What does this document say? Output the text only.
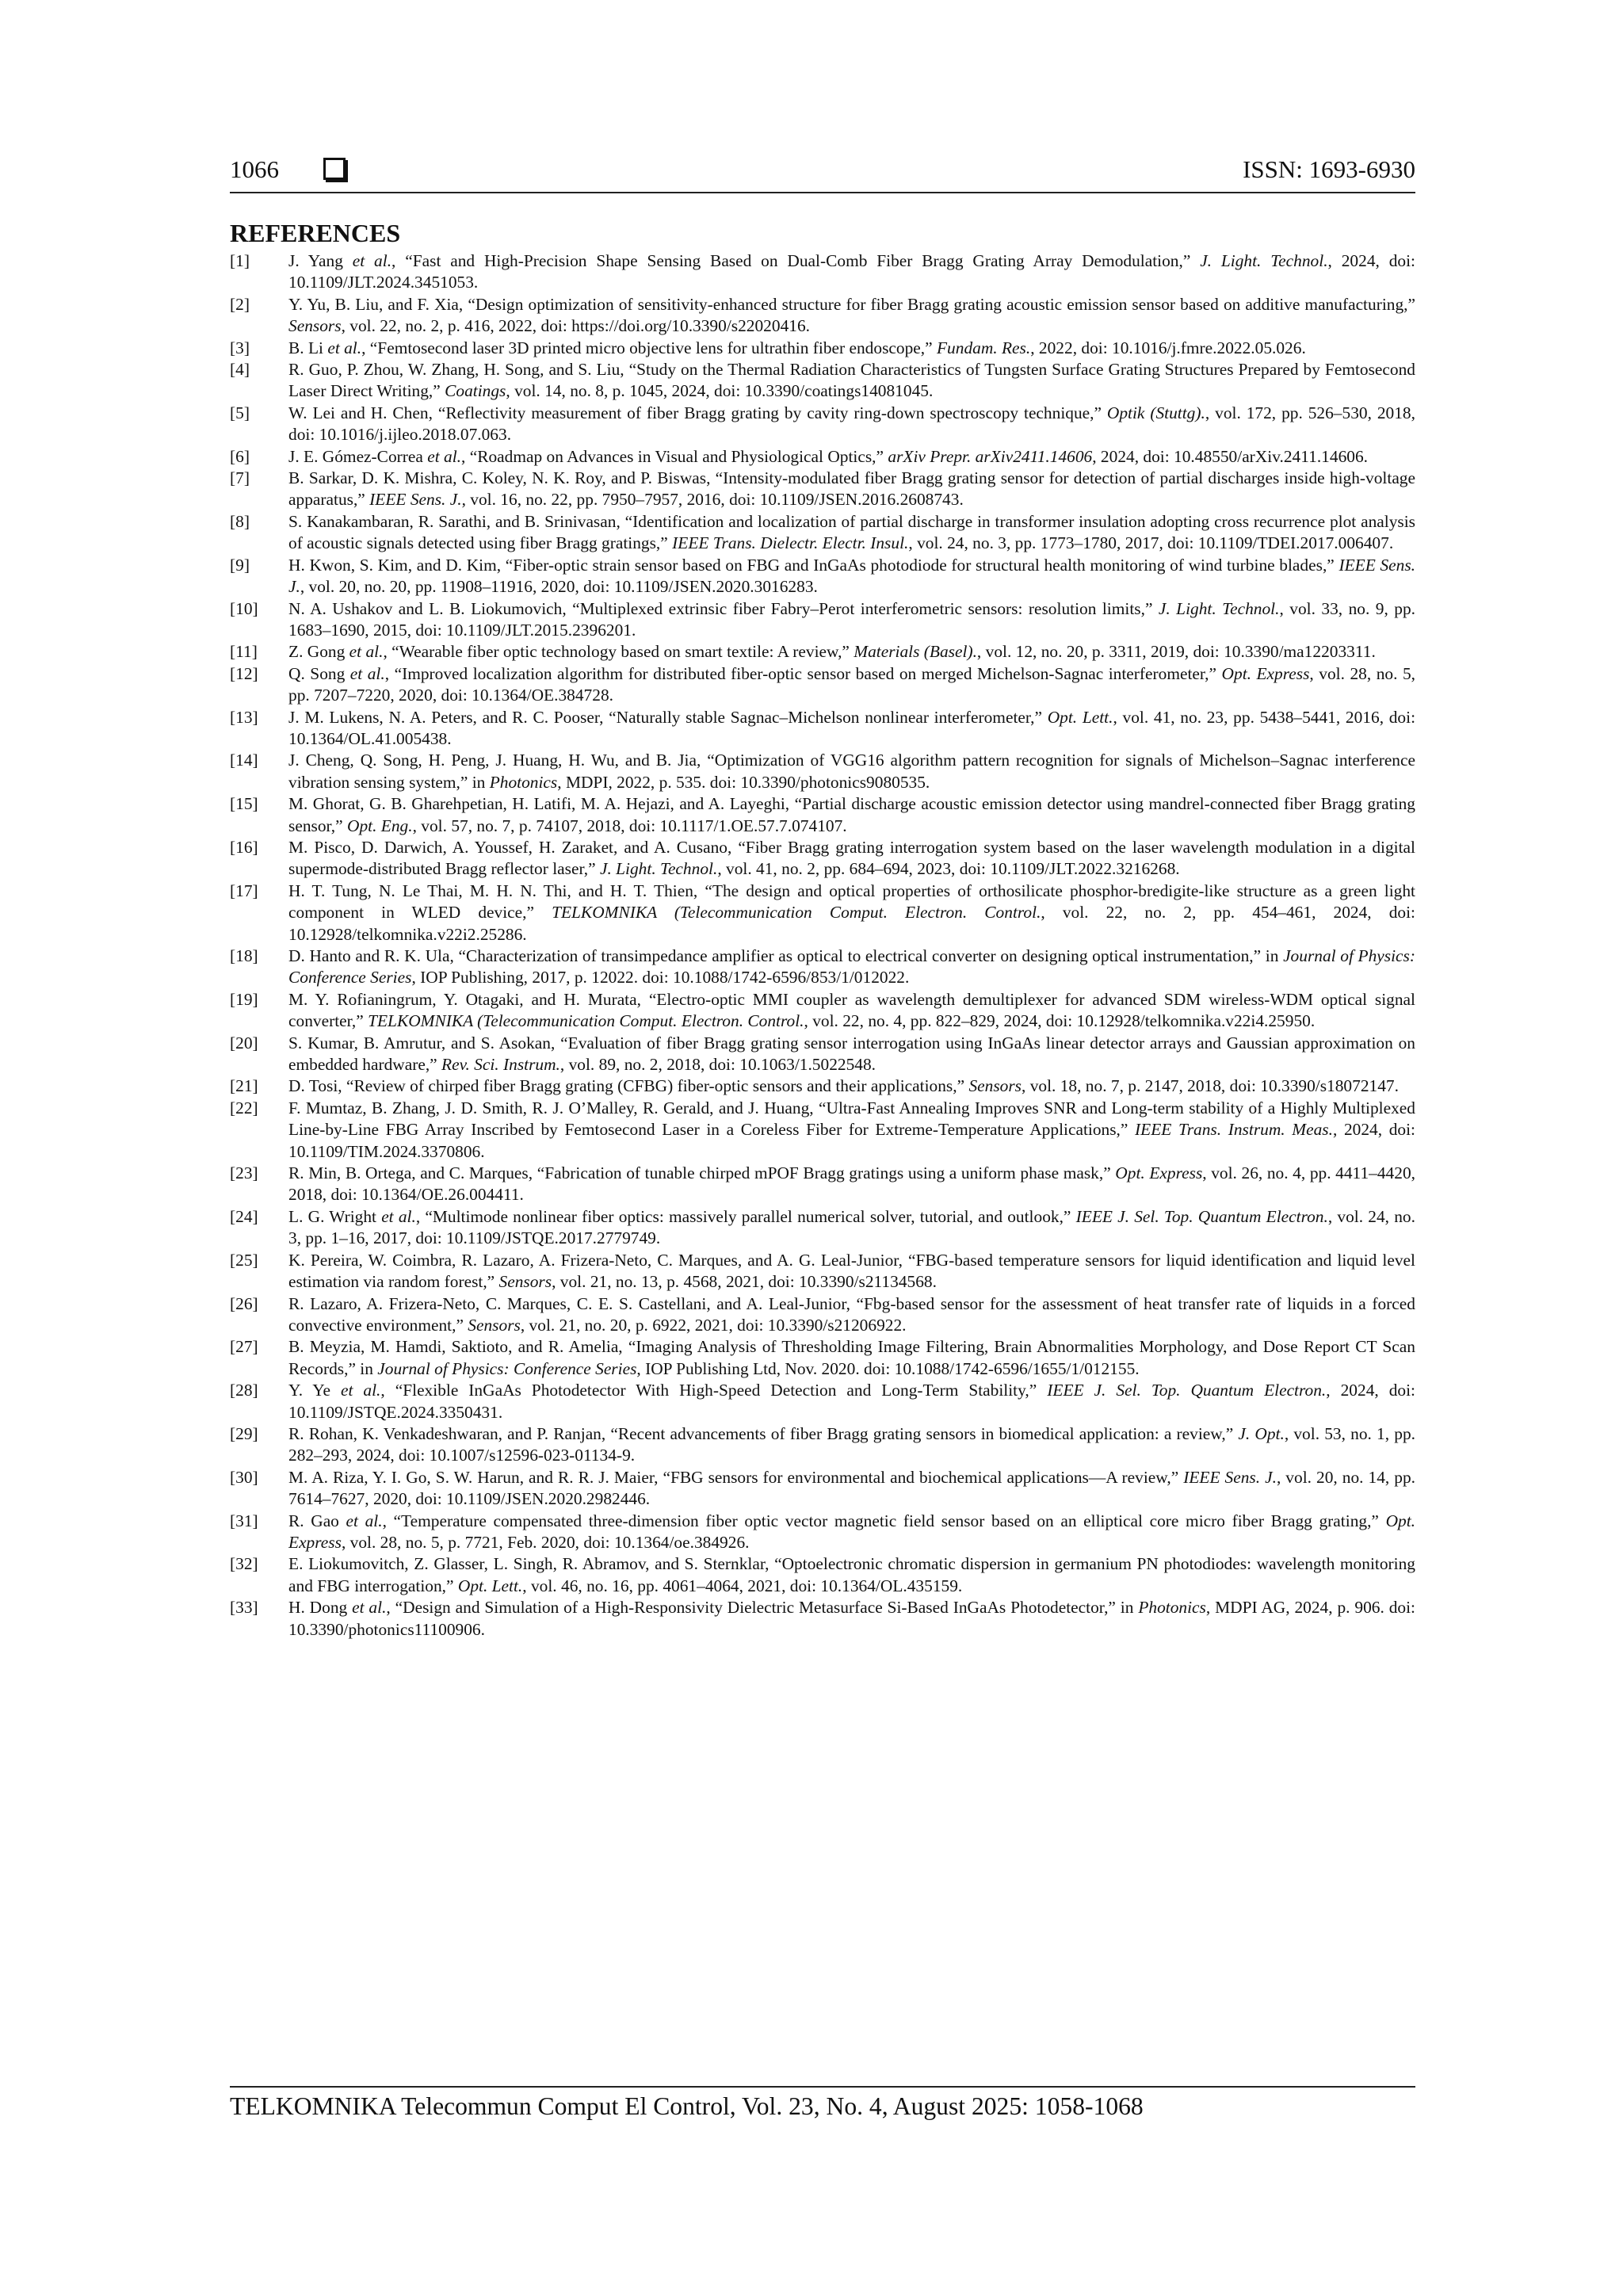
1066	ISSN: 1693-6930
REFERENCES
[1] J. Yang et al., “Fast and High-Precision Shape Sensing Based on Dual-Comb Fiber Bragg Grating Array Demodulation,” J. Light. Technol., 2024, doi: 10.1109/JLT.2024.3451053.
[2] Y. Yu, B. Liu, and F. Xia, “Design optimization of sensitivity-enhanced structure for fiber Bragg grating acoustic emission sensor based on additive manufacturing,” Sensors, vol. 22, no. 2, p. 416, 2022, doi: https://doi.org/10.3390/s22020416.
[3] B. Li et al., “Femtosecond laser 3D printed micro objective lens for ultrathin fiber endoscope,” Fundam. Res., 2022, doi: 10.1016/j.fmre.2022.05.026.
[4] R. Guo, P. Zhou, W. Zhang, H. Song, and S. Liu, “Study on the Thermal Radiation Characteristics of Tungsten Surface Grating Structures Prepared by Femtosecond Laser Direct Writing,” Coatings, vol. 14, no. 8, p. 1045, 2024, doi: 10.3390/coatings14081045.
[5] W. Lei and H. Chen, “Reflectivity measurement of fiber Bragg grating by cavity ring-down spectroscopy technique,” Optik (Stuttg)., vol. 172, pp. 526–530, 2018, doi: 10.1016/j.ijleo.2018.07.063.
[6] J. E. Gómez-Correa et al., “Roadmap on Advances in Visual and Physiological Optics,” arXiv Prepr. arXiv2411.14606, 2024, doi: 10.48550/arXiv.2411.14606.
[7] B. Sarkar, D. K. Mishra, C. Koley, N. K. Roy, and P. Biswas, “Intensity-modulated fiber Bragg grating sensor for detection of partial discharges inside high-voltage apparatus,” IEEE Sens. J., vol. 16, no. 22, pp. 7950–7957, 2016, doi: 10.1109/JSEN.2016.2608743.
[8] S. Kanakambaran, R. Sarathi, and B. Srinivasan, “Identification and localization of partial discharge in transformer insulation adopting cross recurrence plot analysis of acoustic signals detected using fiber Bragg gratings,” IEEE Trans. Dielectr. Electr. Insul., vol. 24, no. 3, pp. 1773–1780, 2017, doi: 10.1109/TDEI.2017.006407.
[9] H. Kwon, S. Kim, and D. Kim, “Fiber-optic strain sensor based on FBG and InGaAs photodiode for structural health monitoring of wind turbine blades,” IEEE Sens. J., vol. 20, no. 20, pp. 11908–11916, 2020, doi: 10.1109/JSEN.2020.3016283.
[10] N. A. Ushakov and L. B. Liokumovich, “Multiplexed extrinsic fiber Fabry–Perot interferometric sensors: resolution limits,” J. Light. Technol., vol. 33, no. 9, pp. 1683–1690, 2015, doi: 10.1109/JLT.2015.2396201.
[11] Z. Gong et al., “Wearable fiber optic technology based on smart textile: A review,” Materials (Basel)., vol. 12, no. 20, p. 3311, 2019, doi: 10.3390/ma12203311.
[12] Q. Song et al., “Improved localization algorithm for distributed fiber-optic sensor based on merged Michelson-Sagnac interferometer,” Opt. Express, vol. 28, no. 5, pp. 7207–7220, 2020, doi: 10.1364/OE.384728.
[13] J. M. Lukens, N. A. Peters, and R. C. Pooser, “Naturally stable Sagnac–Michelson nonlinear interferometer,” Opt. Lett., vol. 41, no. 23, pp. 5438–5441, 2016, doi: 10.1364/OL.41.005438.
[14] J. Cheng, Q. Song, H. Peng, J. Huang, H. Wu, and B. Jia, “Optimization of VGG16 algorithm pattern recognition for signals of Michelson–Sagnac interference vibration sensing system,” in Photonics, MDPI, 2022, p. 535. doi: 10.3390/photonics9080535.
[15] M. Ghorat, G. B. Gharehpetian, H. Latifi, M. A. Hejazi, and A. Layeghi, “Partial discharge acoustic emission detector using mandrel-connected fiber Bragg grating sensor,” Opt. Eng., vol. 57, no. 7, p. 74107, 2018, doi: 10.1117/1.OE.57.7.074107.
[16] M. Pisco, D. Darwich, A. Youssef, H. Zaraket, and A. Cusano, “Fiber Bragg grating interrogation system based on the laser wavelength modulation in a digital supermode-distributed Bragg reflector laser,” J. Light. Technol., vol. 41, no. 2, pp. 684–694, 2023, doi: 10.1109/JLT.2022.3216268.
[17] H. T. Tung, N. Le Thai, M. H. N. Thi, and H. T. Thien, “The design and optical properties of orthosilicate phosphor-bredigite-like structure as a green light component in WLED device,” TELKOMNIKA (Telecommunication Comput. Electron. Control., vol. 22, no. 2, pp. 454–461, 2024, doi: 10.12928/telkomnika.v22i2.25286.
[18] D. Hanto and R. K. Ula, “Characterization of transimpedance amplifier as optical to electrical converter on designing optical instrumentation,” in Journal of Physics: Conference Series, IOP Publishing, 2017, p. 12022. doi: 10.1088/1742-6596/853/1/012022.
[19] M. Y. Rofianingrum, Y. Otagaki, and H. Murata, “Electro-optic MMI coupler as wavelength demultiplexer for advanced SDM wireless-WDM optical signal converter,” TELKOMNIKA (Telecommunication Comput. Electron. Control., vol. 22, no. 4, pp. 822–829, 2024, doi: 10.12928/telkomnika.v22i4.25950.
[20] S. Kumar, B. Amrutur, and S. Asokan, “Evaluation of fiber Bragg grating sensor interrogation using InGaAs linear detector arrays and Gaussian approximation on embedded hardware,” Rev. Sci. Instrum., vol. 89, no. 2, 2018, doi: 10.1063/1.5022548.
[21] D. Tosi, “Review of chirped fiber Bragg grating (CFBG) fiber-optic sensors and their applications,” Sensors, vol. 18, no. 7, p. 2147, 2018, doi: 10.3390/s18072147.
[22] F. Mumtaz, B. Zhang, J. D. Smith, R. J. O’Malley, R. Gerald, and J. Huang, “Ultra-Fast Annealing Improves SNR and Long-term stability of a Highly Multiplexed Line-by-Line FBG Array Inscribed by Femtosecond Laser in a Coreless Fiber for Extreme-Temperature Applications,” IEEE Trans. Instrum. Meas., 2024, doi: 10.1109/TIM.2024.3370806.
[23] R. Min, B. Ortega, and C. Marques, “Fabrication of tunable chirped mPOF Bragg gratings using a uniform phase mask,” Opt. Express, vol. 26, no. 4, pp. 4411–4420, 2018, doi: 10.1364/OE.26.004411.
[24] L. G. Wright et al., “Multimode nonlinear fiber optics: massively parallel numerical solver, tutorial, and outlook,” IEEE J. Sel. Top. Quantum Electron., vol. 24, no. 3, pp. 1–16, 2017, doi: 10.1109/JSTQE.2017.2779749.
[25] K. Pereira, W. Coimbra, R. Lazaro, A. Frizera-Neto, C. Marques, and A. G. Leal-Junior, “FBG-based temperature sensors for liquid identification and liquid level estimation via random forest,” Sensors, vol. 21, no. 13, p. 4568, 2021, doi: 10.3390/s21134568.
[26] R. Lazaro, A. Frizera-Neto, C. Marques, C. E. S. Castellani, and A. Leal-Junior, “Fbg-based sensor for the assessment of heat transfer rate of liquids in a forced convective environment,” Sensors, vol. 21, no. 20, p. 6922, 2021, doi: 10.3390/s21206922.
[27] B. Meyzia, M. Hamdi, Saktioto, and R. Amelia, “Imaging Analysis of Thresholding Image Filtering, Brain Abnormalities Morphology, and Dose Report CT Scan Records,” in Journal of Physics: Conference Series, IOP Publishing Ltd, Nov. 2020. doi: 10.1088/1742-6596/1655/1/012155.
[28] Y. Ye et al., “Flexible InGaAs Photodetector With High-Speed Detection and Long-Term Stability,” IEEE J. Sel. Top. Quantum Electron., 2024, doi: 10.1109/JSTQE.2024.3350431.
[29] R. Rohan, K. Venkadeshwaran, and P. Ranjan, “Recent advancements of fiber Bragg grating sensors in biomedical application: a review,” J. Opt., vol. 53, no. 1, pp. 282–293, 2024, doi: 10.1007/s12596-023-01134-9.
[30] M. A. Riza, Y. I. Go, S. W. Harun, and R. R. J. Maier, “FBG sensors for environmental and biochemical applications—A review,” IEEE Sens. J., vol. 20, no. 14, pp. 7614–7627, 2020, doi: 10.1109/JSEN.2020.2982446.
[31] R. Gao et al., “Temperature compensated three-dimension fiber optic vector magnetic field sensor based on an elliptical core micro fiber Bragg grating,” Opt. Express, vol. 28, no. 5, p. 7721, Feb. 2020, doi: 10.1364/oe.384926.
[32] E. Liokumovitch, Z. Glasser, L. Singh, R. Abramov, and S. Sternklar, “Optoelectronic chromatic dispersion in germanium PN photodiodes: wavelength monitoring and FBG interrogation,” Opt. Lett., vol. 46, no. 16, pp. 4061–4064, 2021, doi: 10.1364/OL.435159.
[33] H. Dong et al., “Design and Simulation of a High-Responsivity Dielectric Metasurface Si-Based InGaAs Photodetector,” in Photonics, MDPI AG, 2024, p. 906. doi: 10.3390/photonics11100906.
TELKOMNIKA Telecommun Comput El Control, Vol. 23, No. 4, August 2025: 1058-1068
